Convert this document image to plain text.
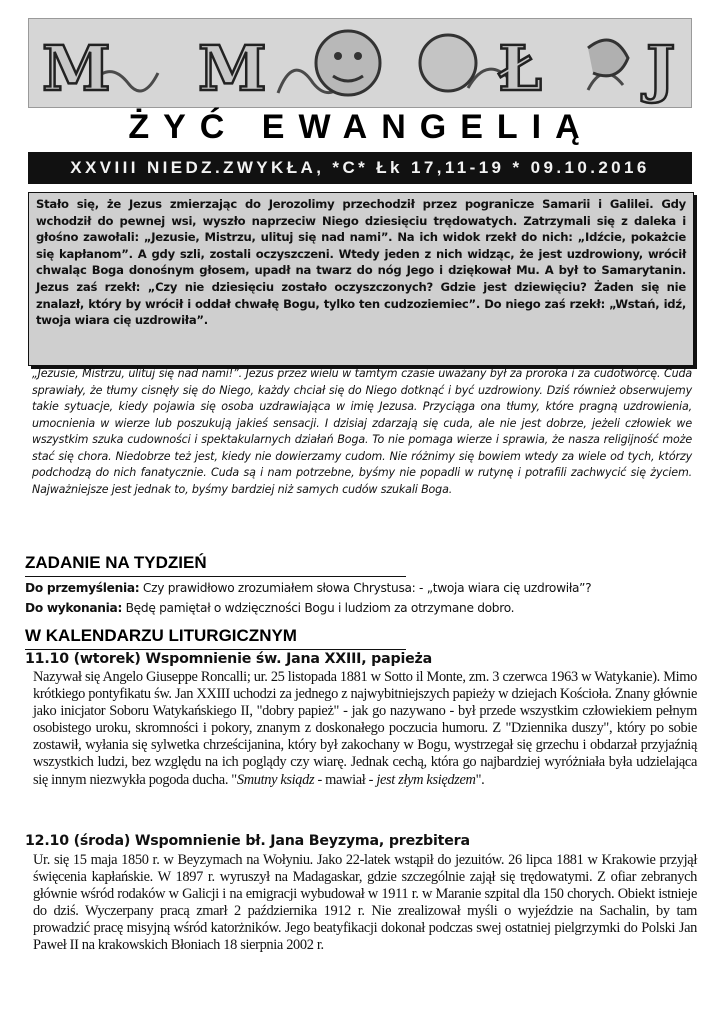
M M	Ł J
ŻYĆ EWANGELIĄ
XXVIII NIEDZ.ZWYKŁA, *C* Łk 17,11-19 * 09.10.2016

Stało się, że Jezus zmierzając do Jerozolimy przechodził przez pogranicze Samarii i Galilei. Gdy wchodził do pewnej wsi, wyszło naprzeciw Niego dziesięciu trędowatych. Zatrzymali się z daleka i głośno zawołali: „Jezusie, Mistrzu, ulituj się nad nami”. Na ich widok rzekł do nich: „Idźcie, pokażcie się kapłanom”. A gdy szli, zostali oczyszczeni. Wtedy jeden z nich widząc, że jest uzdrowiony, wrócił chwaląc Boga donośnym głosem, upadł na twarz do nóg Jego i dziękował Mu. A był to Samarytanin. Jezus zaś rzekł: „Czy nie dziesięciu zostało oczyszczonych? Gdzie jest dziewięciu? Żaden się nie znalazł, który by wrócił i oddał chwałę Bogu, tylko ten cudzoziemiec”. Do niego zaś rzekł: „Wstań, idź, twoja wiara cię uzdrowiła”.

„Jezusie, Mistrzu, ulituj się nad nami!”. Jezus przez wielu w tamtym czasie uważany był za proroka i za cudotwórcę. Cuda sprawiały, że tłumy cisnęły się do Niego, każdy chciał się do Niego dotknąć i być uzdrowiony. Dziś również obserwujemy takie sytuacje, kiedy pojawia się osoba uzdrawiająca w imię Jezusa. Przyciąga ona tłumy, które pragną uzdrowienia, umocnienia w wierze lub poszukują jakieś sensacji. I dzisiaj zdarzają się cuda, ale nie jest dobrze, jeżeli człowiek we wszystkim szuka cudowności i spektakularnych działań Boga. To nie pomaga wierze i sprawia, że nasza religijność może stać się chora. Niedobrze też jest, kiedy nie dowierzamy cudom. Nie różnimy się bowiem wtedy za wiele od tych, którzy podchodzą do nich fanatycznie. Cuda są i nam potrzebne, byśmy nie popadli w rutynę i potrafili zachwycić się życiem. Najważniejsze jest jednak to, byśmy bardziej niż samych cudów szukali Boga.

ZADANIE NA TYDZIEŃ

Do przemyślenia: Czy prawidłowo zrozumiałem słowa Chrystusa: - „twoja wiara cię uzdrowiła”?

Do wykonania: Będę pamiętał o wdzięczności Bogu i ludziom za otrzymane dobro.

W KALENDARZU LITURGICZNYM

11.10 (wtorek) Wspomnienie św. Jana XXIII, papieża

Nazywał się Angelo Giuseppe Roncalli; ur. 25 listopada 1881 w Sotto il Monte, zm. 3 czerwca 1963 w Watykanie). Mimo krótkiego pontyfikatu św. Jan XXIII uchodzi za jednego z najwybitniejszych papieży w dziejach Kościoła. Znany głównie jako inicjator Soboru Watykańskiego II, "dobry papież" - jak go nazywano - był przede wszystkim człowiekiem pełnym osobistego uroku, skromności i pokory, znanym z doskonałego poczucia humoru. Z "Dziennika duszy", który po sobie zostawił, wyłania się sylwetka chrześcijanina, który był zakochany w Bogu, wystrzegał się grzechu i obdarzał przyjaźnią wszystkich ludzi, bez względu na ich poglądy czy wiarę. Jednak cechą, która go najbardziej wyróżniała była udzielająca się innym niezwykła pogoda ducha. "Smutny ksiądz - mawiał - jest złym księdzem".

12.10 (środa) Wspomnienie bł. Jana Beyzyma, prezbitera

Ur. się 15 maja 1850 r. w Beyzymach na Wołyniu. Jako 22-latek wstąpił do jezuitów. 26 lipca 1881 w Krakowie przyjął święcenia kapłańskie. W 1897 r. wyruszył na Madagaskar, gdzie szczególnie zajął się trędowatymi. Z ofiar zebranych głównie wśród rodaków w Galicji i na emigracji wybudował w 1911 r. w Maranie szpital dla 150 chorych. Obiekt istnieje do dziś. Wyczerpany pracą zmarł 2 października 1912 r. Nie zrealizował myśli o wyjeździe na Sachalin, by tam prowadzić pracę misyjną wśród katorżników. Jego beatyfikacji dokonał podczas swej ostatniej pielgrzymki do Polski Jan Paweł II na krakowskich Błoniach 18 sierpnia 2002 r.
